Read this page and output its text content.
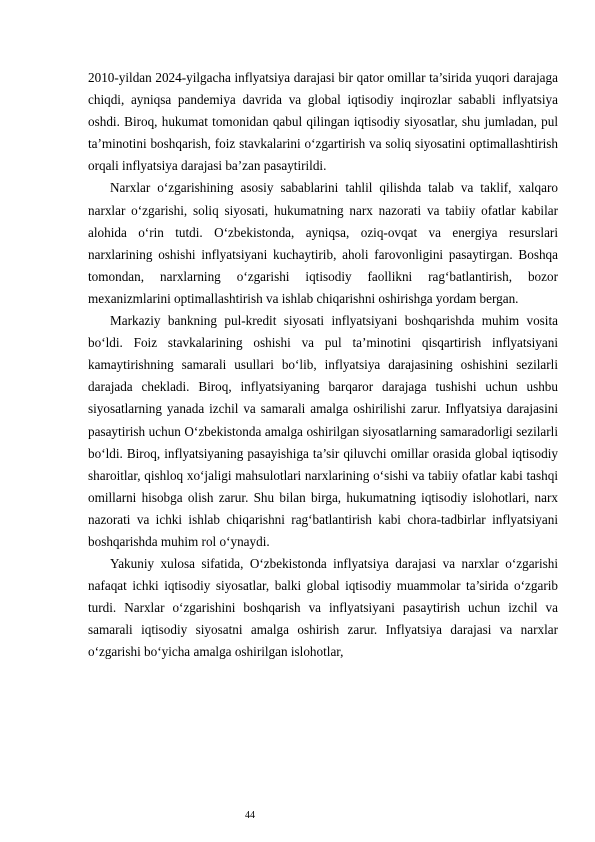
2010-yildan 2024-yilgacha inflyatsiya darajasi bir qator omillar ta’sirida yuqori darajaga chiqdi, ayniqsa pandemiya davrida va global iqtisodiy inqirozlar sababli inflyatsiya oshdi. Biroq, hukumat tomonidan qabul qilingan iqtisodiy siyosatlar, shu jumladan, pul ta’minotini boshqarish, foiz stavkalarini o‘zgartirish va soliq siyosatini optimallashtirish orqali inflyatsiya darajasi ba’zan pasaytirildi.

Narxlar o‘zgarishining asosiy sabablarini tahlil qilishda talab va taklif, xalqaro narxlar o‘zgarishi, soliq siyosati, hukumatning narx nazorati va tabiiy ofatlar kabilar alohida o‘rin tutdi. O‘zbekistonda, ayniqsa, oziq-ovqat va energiya resurslari narxlarining oshishi inflyatsiyani kuchaytirib, aholi farovonligini pasaytirgan. Boshqa tomondan, narxlarning o‘zgarishi iqtisodiy faollikni rag‘batlantirish, bozor mexanizmlarini optimallashtirish va ishlab chiqarishni oshirishga yordam bergan.

Markaziy bankning pul-kredit siyosati inflyatsiyani boshqarishda muhim vosita bo‘ldi. Foiz stavkalarining oshishi va pul ta’minotini qisqartirish inflyatsiyani kamaytirishning samarali usullari bo‘lib, inflyatsiya darajasining oshishini sezilarli darajada chekladi. Biroq, inflyatsiyaning barqaror darajaga tushishi uchun ushbu siyosatlarning yanada izchil va samarali amalga oshirilishi zarur. Inflyatsiya darajasini pasaytirish uchun O‘zbekistonda amalga oshirilgan siyosatlarning samaradorligi sezilarli bo‘ldi. Biroq, inflyatsiyaning pasayishiga ta’sir qiluvchi omillar orasida global iqtisodiy sharoitlar, qishloq xo‘jaligi mahsulotlari narxlarining o‘sishi va tabiiy ofatlar kabi tashqi omillarni hisobga olish zarur. Shu bilan birga, hukumatning iqtisodiy islohotlari, narx nazorati va ichki ishlab chiqarishni rag‘batlantirish kabi chora-tadbirlar inflyatsiyani boshqarishda muhim rol o‘ynaydi.

Yakuniy xulosa sifatida, O‘zbekistonda inflyatsiya darajasi va narxlar o‘zgarishi nafaqat ichki iqtisodiy siyosatlar, balki global iqtisodiy muammolar ta’sirida o‘zgarib turdi. Narxlar o‘zgarishini boshqarish va inflyatsiyani pasaytirish uchun izchil va samarali iqtisodiy siyosatni amalga oshirish zarur. Inflyatsiya darajasi va narxlar o‘zgarishi bo‘yicha amalga oshirilgan islohotlar,

44
